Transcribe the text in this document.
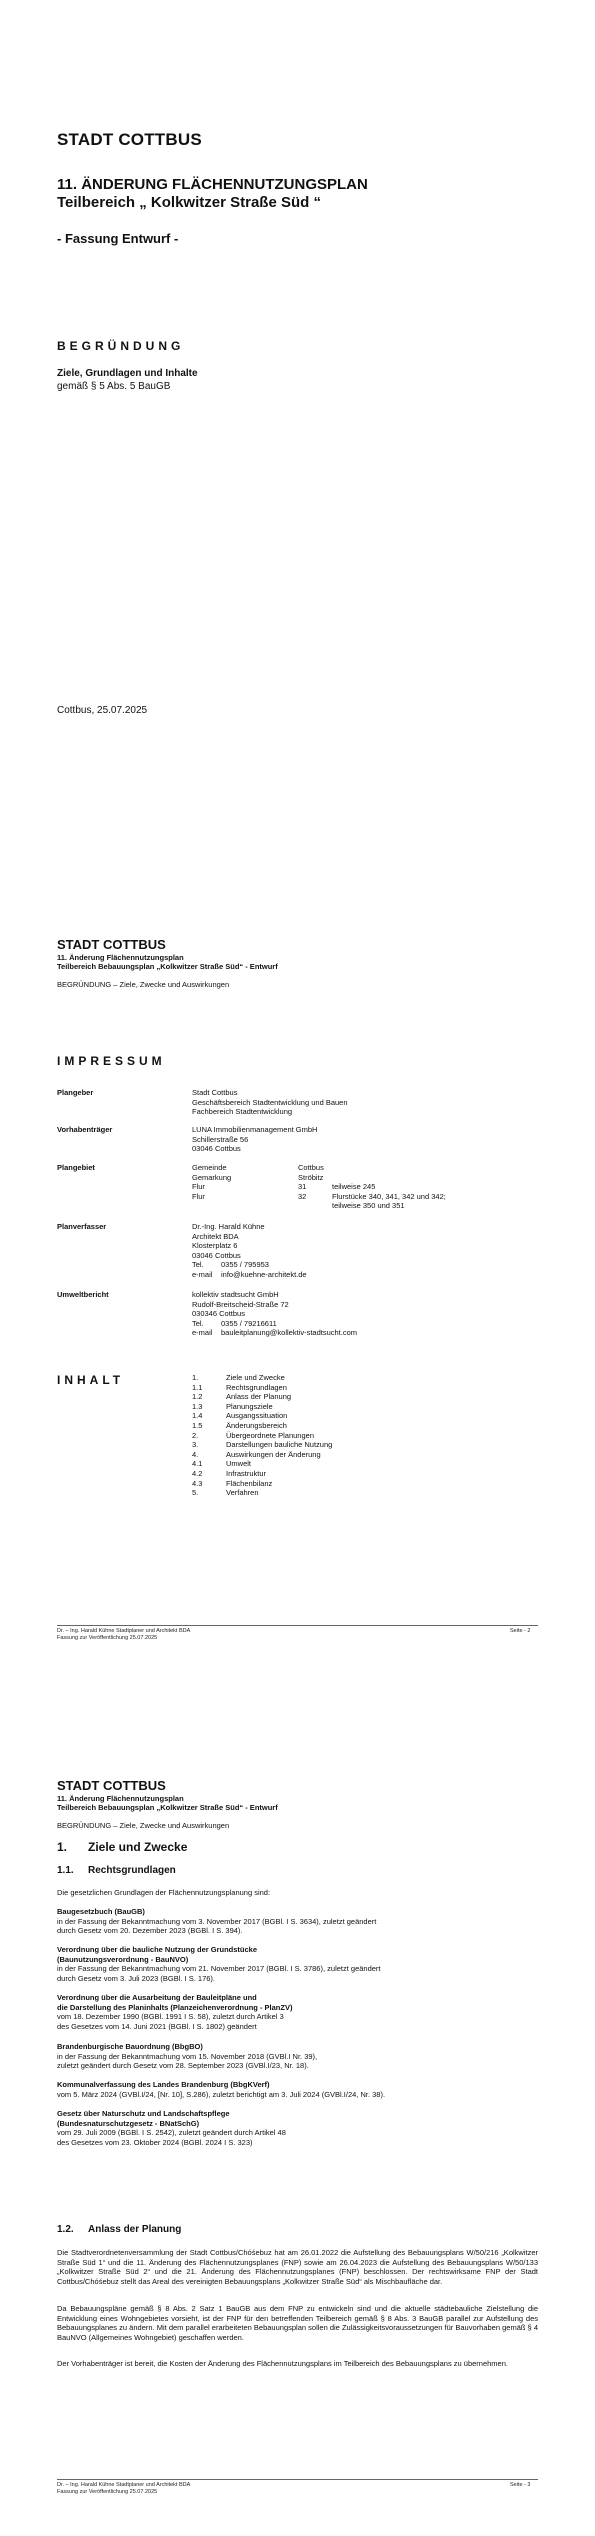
STADT COTTBUS
11. ÄNDERUNG FLÄCHENNUTZUNGSPLAN
Teilbereich „ Kolkwitzer Straße Süd “
- Fassung Entwurf -
BEGRÜNDUNG
Ziele, Grundlagen und Inhalte
gemäß § 5 Abs. 5 BauGB
Cottbus, 25.07.2025
STADT COTTBUS
11. Änderung Flächennutzungsplan
Teilbereich Bebauungsplan „Kolkwitzer Straße Süd“ - Entwurf
BEGRÜNDUNG – Ziele, Zwecke und Auswirkungen
IMPRESSUM
Plangeber	Stadt Cottbus
Geschäftsbereich Stadtentwicklung und Bauen
Fachbereich Stadtentwicklung
Vorhabenträger	LUNA Immobilienmanagement GmbH
Schillerstraße 56
03046 Cottbus
Plangebiet	Gemeinde	Cottbus
Gemarkung	Ströbitz
Flur	31	teilweise 245
Flur	32	Flurstücke 340, 341, 342 und 342;
teilweise 350 und 351
Planverfasser	Dr.-Ing. Harald Kühne
Architekt BDA
Klosterplatz 6
03046 Cottbus
Tel. 0355 / 795953
e-mail info@kuehne-architekt.de
Umweltbericht	kollektiv stadtsucht GmbH
Rudolf-Breitscheid-Straße 72
030346 Cottbus
Tel. 0355 / 79216611
e-mail bauleitplanung@kollektiv-stadtsucht.com
INHALT	1.	Ziele und Zwecke
1.1	Rechtsgrundlagen
1.2	Anlass der Planung
1.3	Planungsziele
1.4	Ausgangssituation
1.5	Änderungsbereich
2.	Übergeordnete Planungen
3.	Darstellungen bauliche Nutzung
4.	Auswirkungen der Änderung
4.1	Umwelt
4.2	Infrastruktur
4.3	Flächenbilanz
5.	Verfahren
Dr. – Ing. Harald Kühne Stadtplaner und Architekt BDA
Fassung zur Veröffentlichung 25.07.2025
Seite - 2
STADT COTTBUS
11. Änderung Flächennutzungsplan
Teilbereich Bebauungsplan „Kolkwitzer Straße Süd“ - Entwurf
BEGRÜNDUNG – Ziele, Zwecke und Auswirkungen
1. Ziele und Zwecke
1.1. Rechtsgrundlagen
Die gesetzlichen Grundlagen der Flächennutzungsplanung sind:
Baugesetzbuch (BauGB)
in der Fassung der Bekanntmachung vom 3. November 2017 (BGBl. I S. 3634), zuletzt geändert
durch Gesetz vom 20. Dezember 2023 (BGBl. I S. 394).
Verordnung über die bauliche Nutzung der Grundstücke
(Baunutzungsverordnung - BauNVO)
in der Fassung der Bekanntmachung vom 21. November 2017 (BGBl. I S. 3786), zuletzt geändert
durch Gesetz vom 3. Juli 2023 (BGBl. I S. 176).
Verordnung über die Ausarbeitung der Bauleitpläne und
die Darstellung des Planinhalts (Planzeichenverordnung - PlanZV)
vom 18. Dezember 1990 (BGBl. 1991 I S. 58), zuletzt durch Artikel 3
des Gesetzes vom 14. Juni 2021 (BGBl. I S. 1802) geändert
Brandenburgische Bauordnung (BbgBO)
in der Fassung der Bekanntmachung vom 15. November 2018 (GVBl.I Nr. 39),
zuletzt geändert durch Gesetz vom 28. September 2023 (GVBl.I/23, Nr. 18).
Kommunalverfassung des Landes Brandenburg (BbgKVerf)
vom 5. März 2024 (GVBl.I/24, [Nr. 10], S.286), zuletzt berichtigt am 3. Juli 2024 (GVBl.I/24, Nr. 38).
Gesetz über Naturschutz und Landschaftspflege
(Bundesnaturschutzgesetz - BNatSchG)
vom 29. Juli 2009 (BGBl. I S. 2542), zuletzt geändert durch Artikel 48
des Gesetzes vom 23. Oktober 2024 (BGBl. 2024 I S. 323)
1.2. Anlass der Planung
Die Stadtverordnetenversammlung der Stadt Cottbus/Chóśebuz hat am 26.01.2022 die Aufstellung des Bebauungsplans W/50/216 „Kolkwitzer Straße Süd 1“ und die 11. Änderung des Flächennutzungsplanes (FNP) sowie am 26.04.2023 die Aufstellung des Bebauungsplans W/50/133 „Kolkwitzer Straße Süd 2“ und die 21. Änderung des Flächennutzungsplanes (FNP) beschlossen. Der rechtswirksame FNP der Stadt Cottbus/Chóśebuz stellt das Areal des vereinigten Bebauungsplans „Kolkwitzer Straße Süd“ als Mischbaufläche dar.
Da Bebauungspläne gemäß § 8 Abs. 2 Satz 1 BauGB aus dem FNP zu entwickeln sind und die aktuelle städtebauliche Zielstellung die Entwicklung eines Wohngebietes vorsieht, ist der FNP für den betreffenden Teilbereich gemäß § 8 Abs. 3 BauGB parallel zur Aufstellung des Bebauungsplanes zu ändern. Mit dem parallel erarbeiteten Bebauungsplan sollen die Zulässigkeitsvoraussetzungen für Bauvorhaben gemäß § 4 BauNVO (Allgemeines Wohngebiet) geschaffen werden.
Der Vorhabenträger ist bereit, die Kosten der Änderung des Flächennutzungsplans im Teilbereich des Bebauungsplans zu übernehmen.
Dr. – Ing. Harald Kühne Stadtplaner und Architekt BDA
Fassung zur Veröffentlichung 25.07.2025
Seite - 3
